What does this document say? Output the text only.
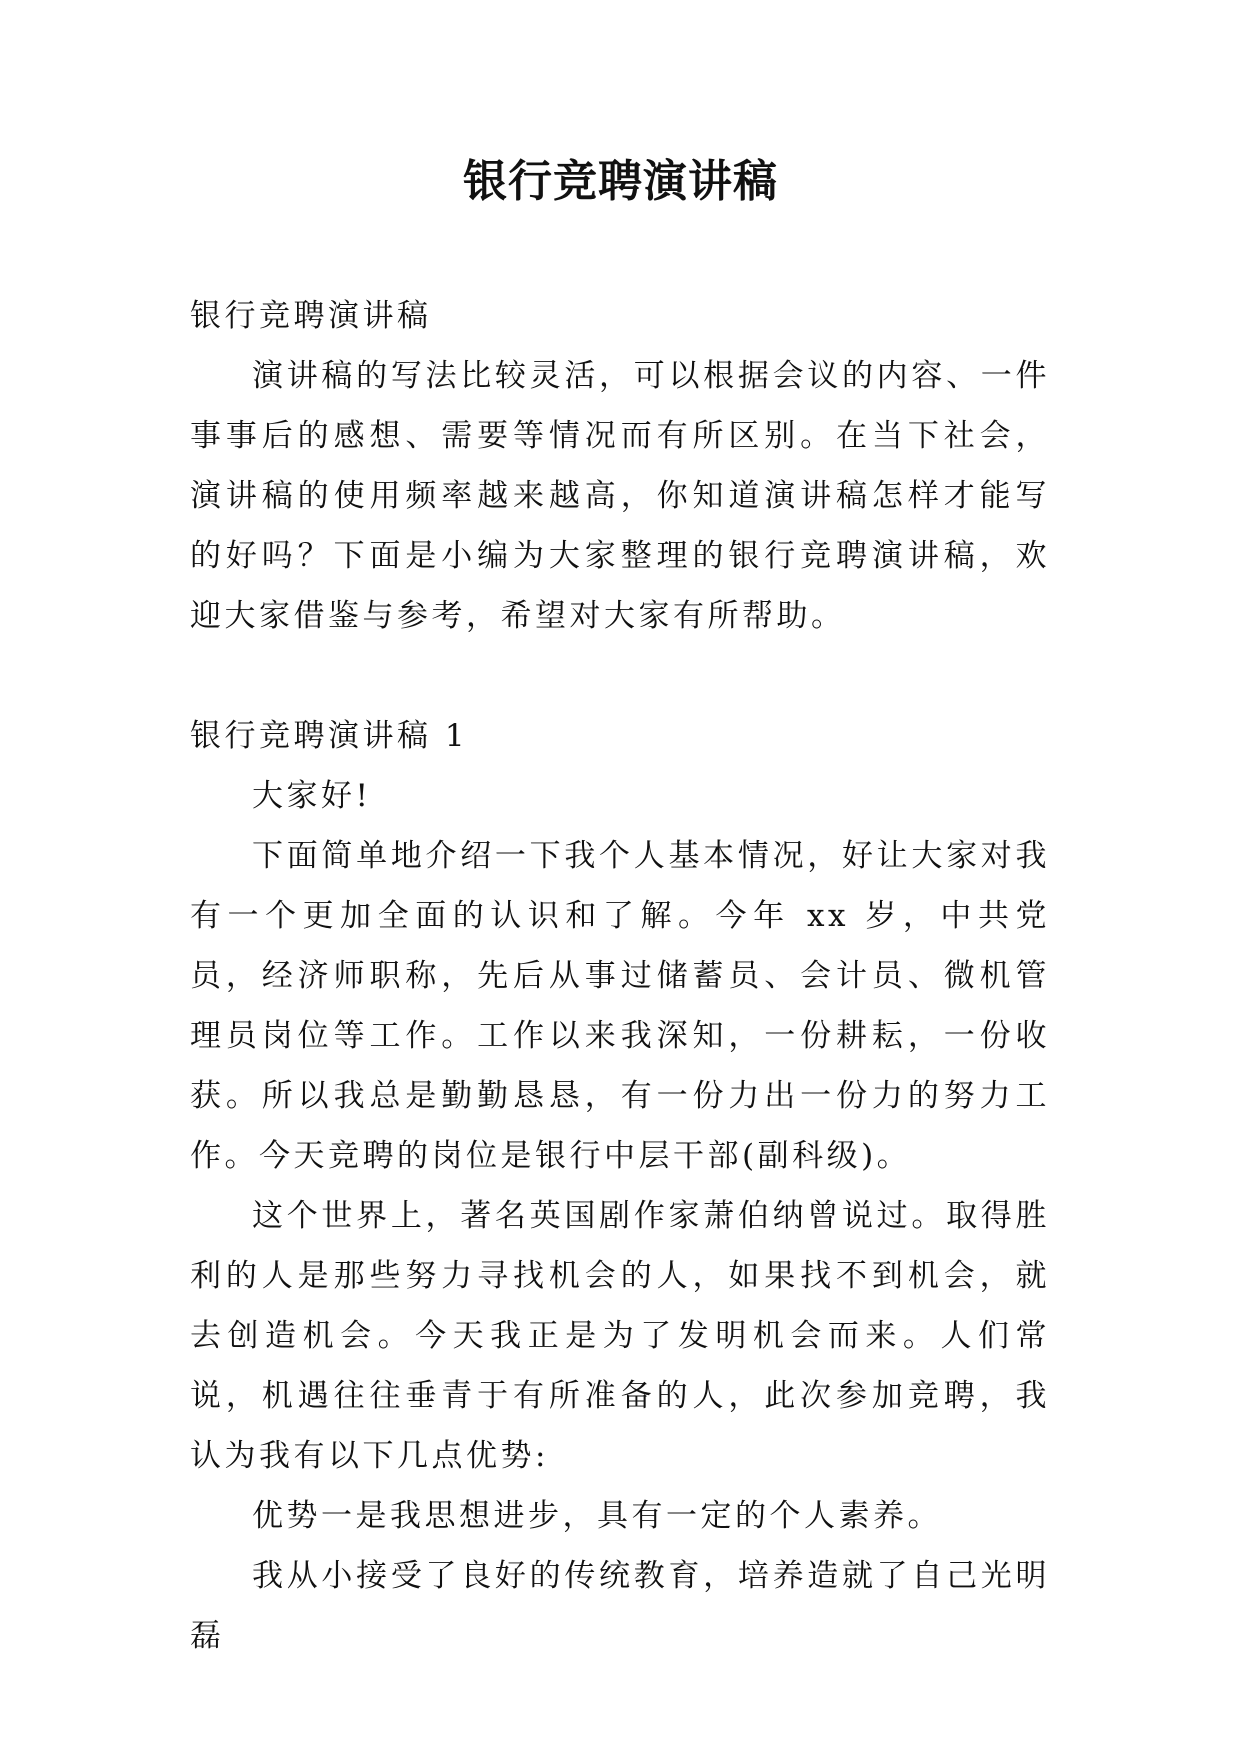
银行竞聘演讲稿

银行竞聘演讲稿

演讲稿的写法比较灵活，可以根据会议的内容、一件事事后的感想、需要等情况而有所区别。在当下社会，演讲稿的使用频率越来越高，你知道演讲稿怎样才能写的好吗？下面是小编为大家整理的银行竞聘演讲稿，欢迎大家借鉴与参考，希望对大家有所帮助。

银行竞聘演讲稿 1

大家好!

下面简单地介绍一下我个人基本情况，好让大家对我有一个更加全面的认识和了解。今年 xx 岁，中共党员，经济师职称，先后从事过储蓄员、会计员、微机管理员岗位等工作。工作以来我深知，一份耕耘，一份收获。所以我总是勤勤恳恳，有一份力出一份力的努力工作。今天竞聘的岗位是银行中层干部(副科级)。

这个世界上，著名英国剧作家萧伯纳曾说过。取得胜利的人是那些努力寻找机会的人，如果找不到机会，就去创造机会。今天我正是为了发明机会而来。人们常说，机遇往往垂青于有所准备的人，此次参加竞聘，我认为我有以下几点优势:

优势一是我思想进步，具有一定的个人素养。

我从小接受了良好的传统教育，培养造就了自己光明磊
